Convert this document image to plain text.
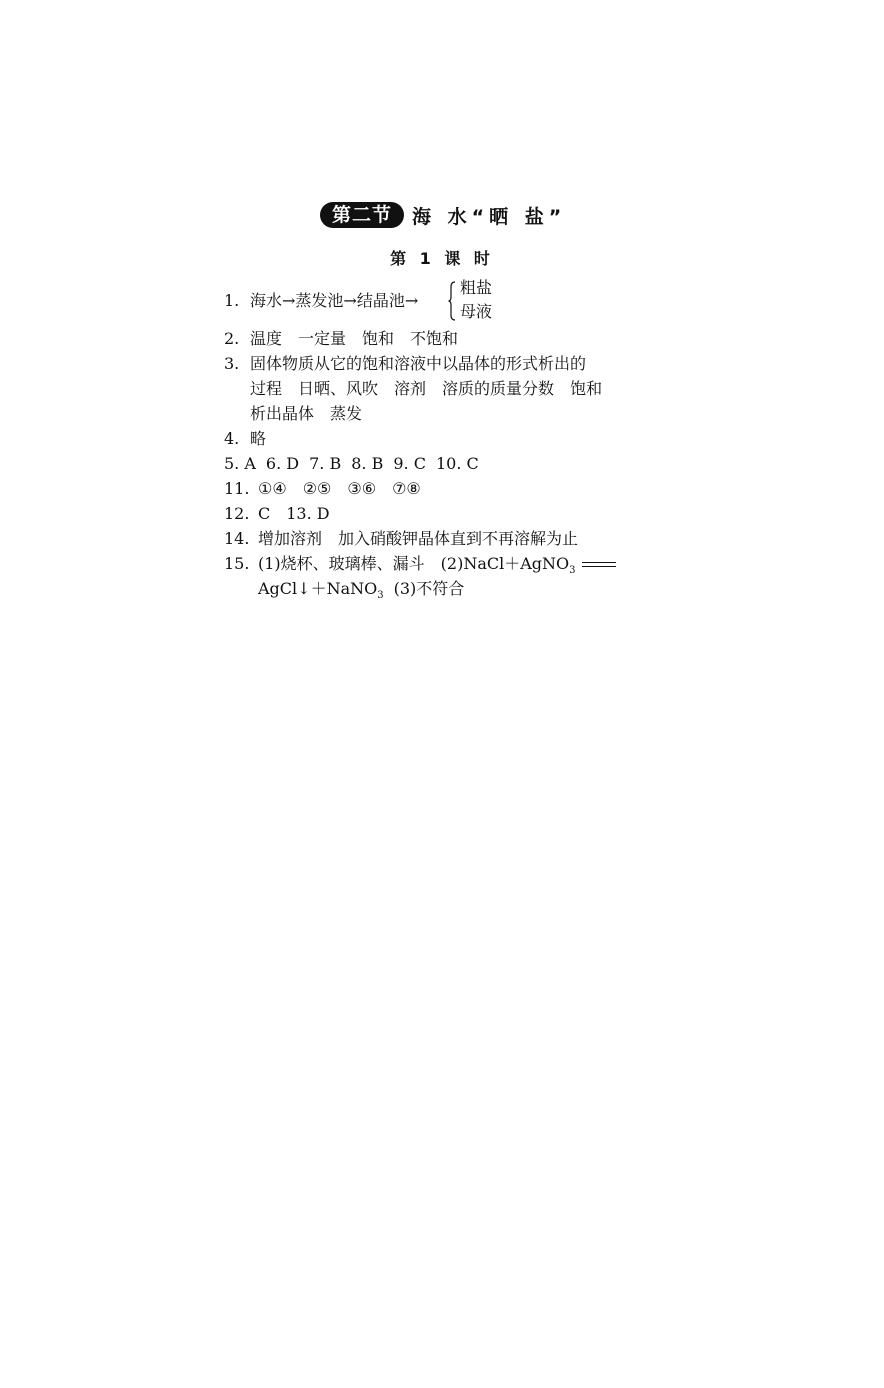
第二节	海 水“晒 盐”
第 1 课 时
1. 海水→蒸发池→结晶池→
粗盐
母液
2. 温度 一定量 饱和 不饱和
3. 固体物质从它的饱和溶液中以晶体的形式析出的
过程 日晒、风吹 溶剂 溶质的质量分数 饱和
析出晶体 蒸发
4. 略
5. A 6. D 7. B 8. B 9. C 10. C
11. ①④ ②⑤ ③⑥ ⑦⑧
12. C 13. D
14. 增加溶剂 加入硝酸钾晶体直到不再溶解为止
15. (1)烧杯、玻璃棒、漏斗 (2)NaCl＋AgNO$_3$
AgCl↓＋NaNO$_3$ (3)不符合
